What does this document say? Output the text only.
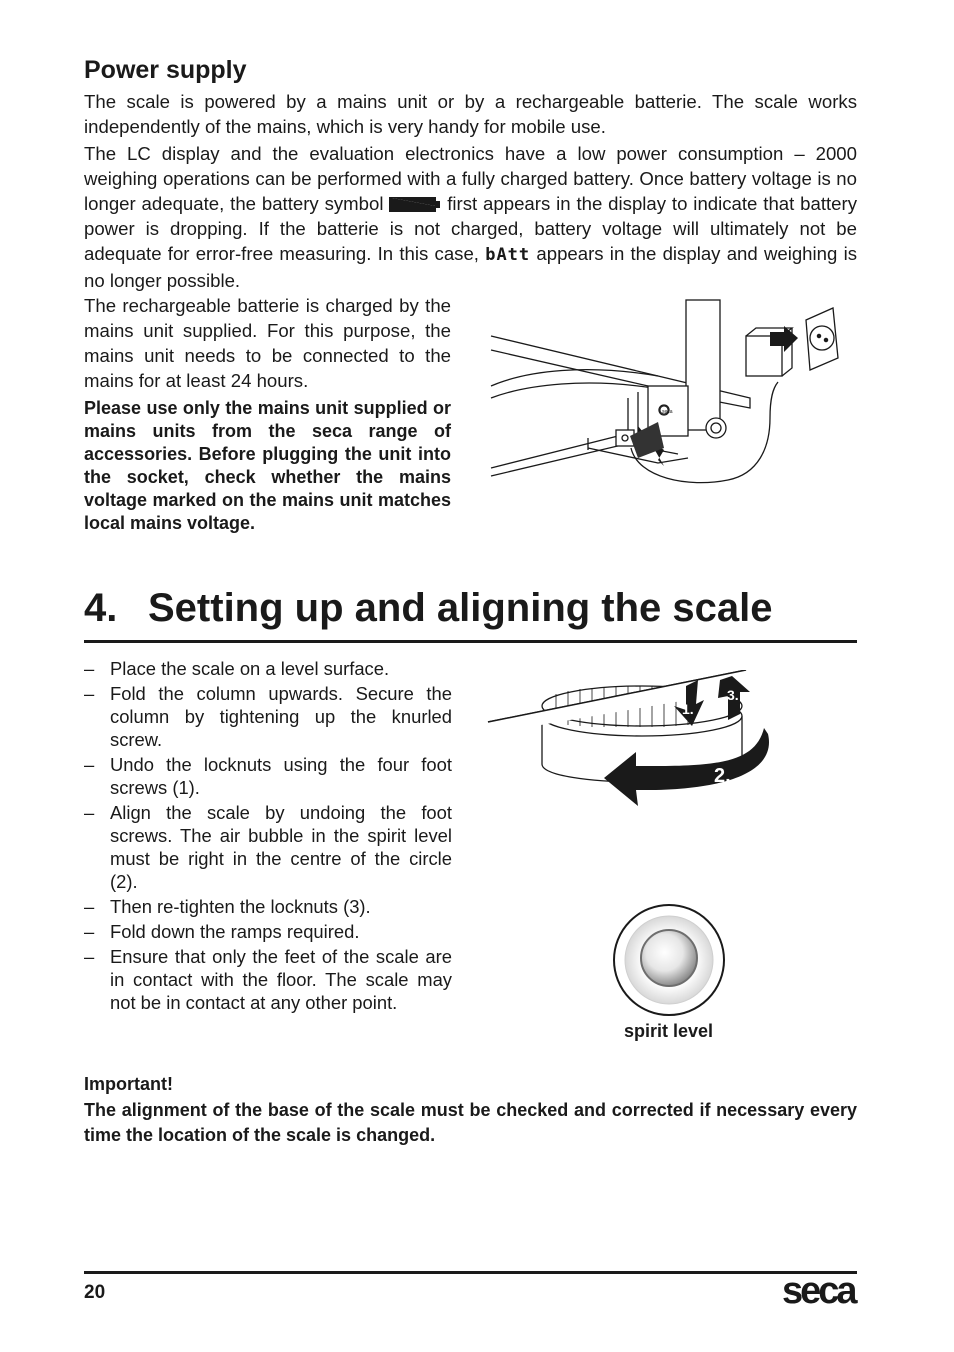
Power supply

The scale is powered by a mains unit or by a rechargeable batterie. The scale works independently of the mains, which is very handy for mobile use.

The LC display and the evaluation electronics have a low power consumption – 2000 weighing operations can be performed with a fully charged battery. Once battery voltage is no longer adequate, the battery symbol	first appears in the display to indicate that battery power is dropping. If the batterie is not charged, battery voltage will ultimately not be adequate for error-free measuring. In this case, bAtt appears in the display and weighing is no longer possible.

The rechargeable batterie is charged by the mains unit supplied. For this purpose, the mains unit needs to be connected to the mains for at least 24 hours.

Please use only the mains unit supplied or mains units from the seca range of accessories. Before plugging the unit into the socket, check whether the mains voltage marked on the mains unit matches local mains voltage.

seca
4. Setting up and aligning the scale
– Place the scale on a level surface.
– Fold the column upwards. Secure the column by tightening up the knurled screw.
– Undo the locknuts using the four foot screws (1).
– Align the scale by undoing the foot screws. The air bubble in the spirit level must be right in the centre of the circle (2).
– Then re-tighten the locknuts (3).
– Fold down the ramps required.
– Ensure that only the feet of the scale are in contact with the floor. The scale may not be in contact at any other point.
1.
3.
2.
spirit level
Important!

The alignment of the base of the scale must be checked and corrected if necessary every time the location of the scale is changed.

20	seca
